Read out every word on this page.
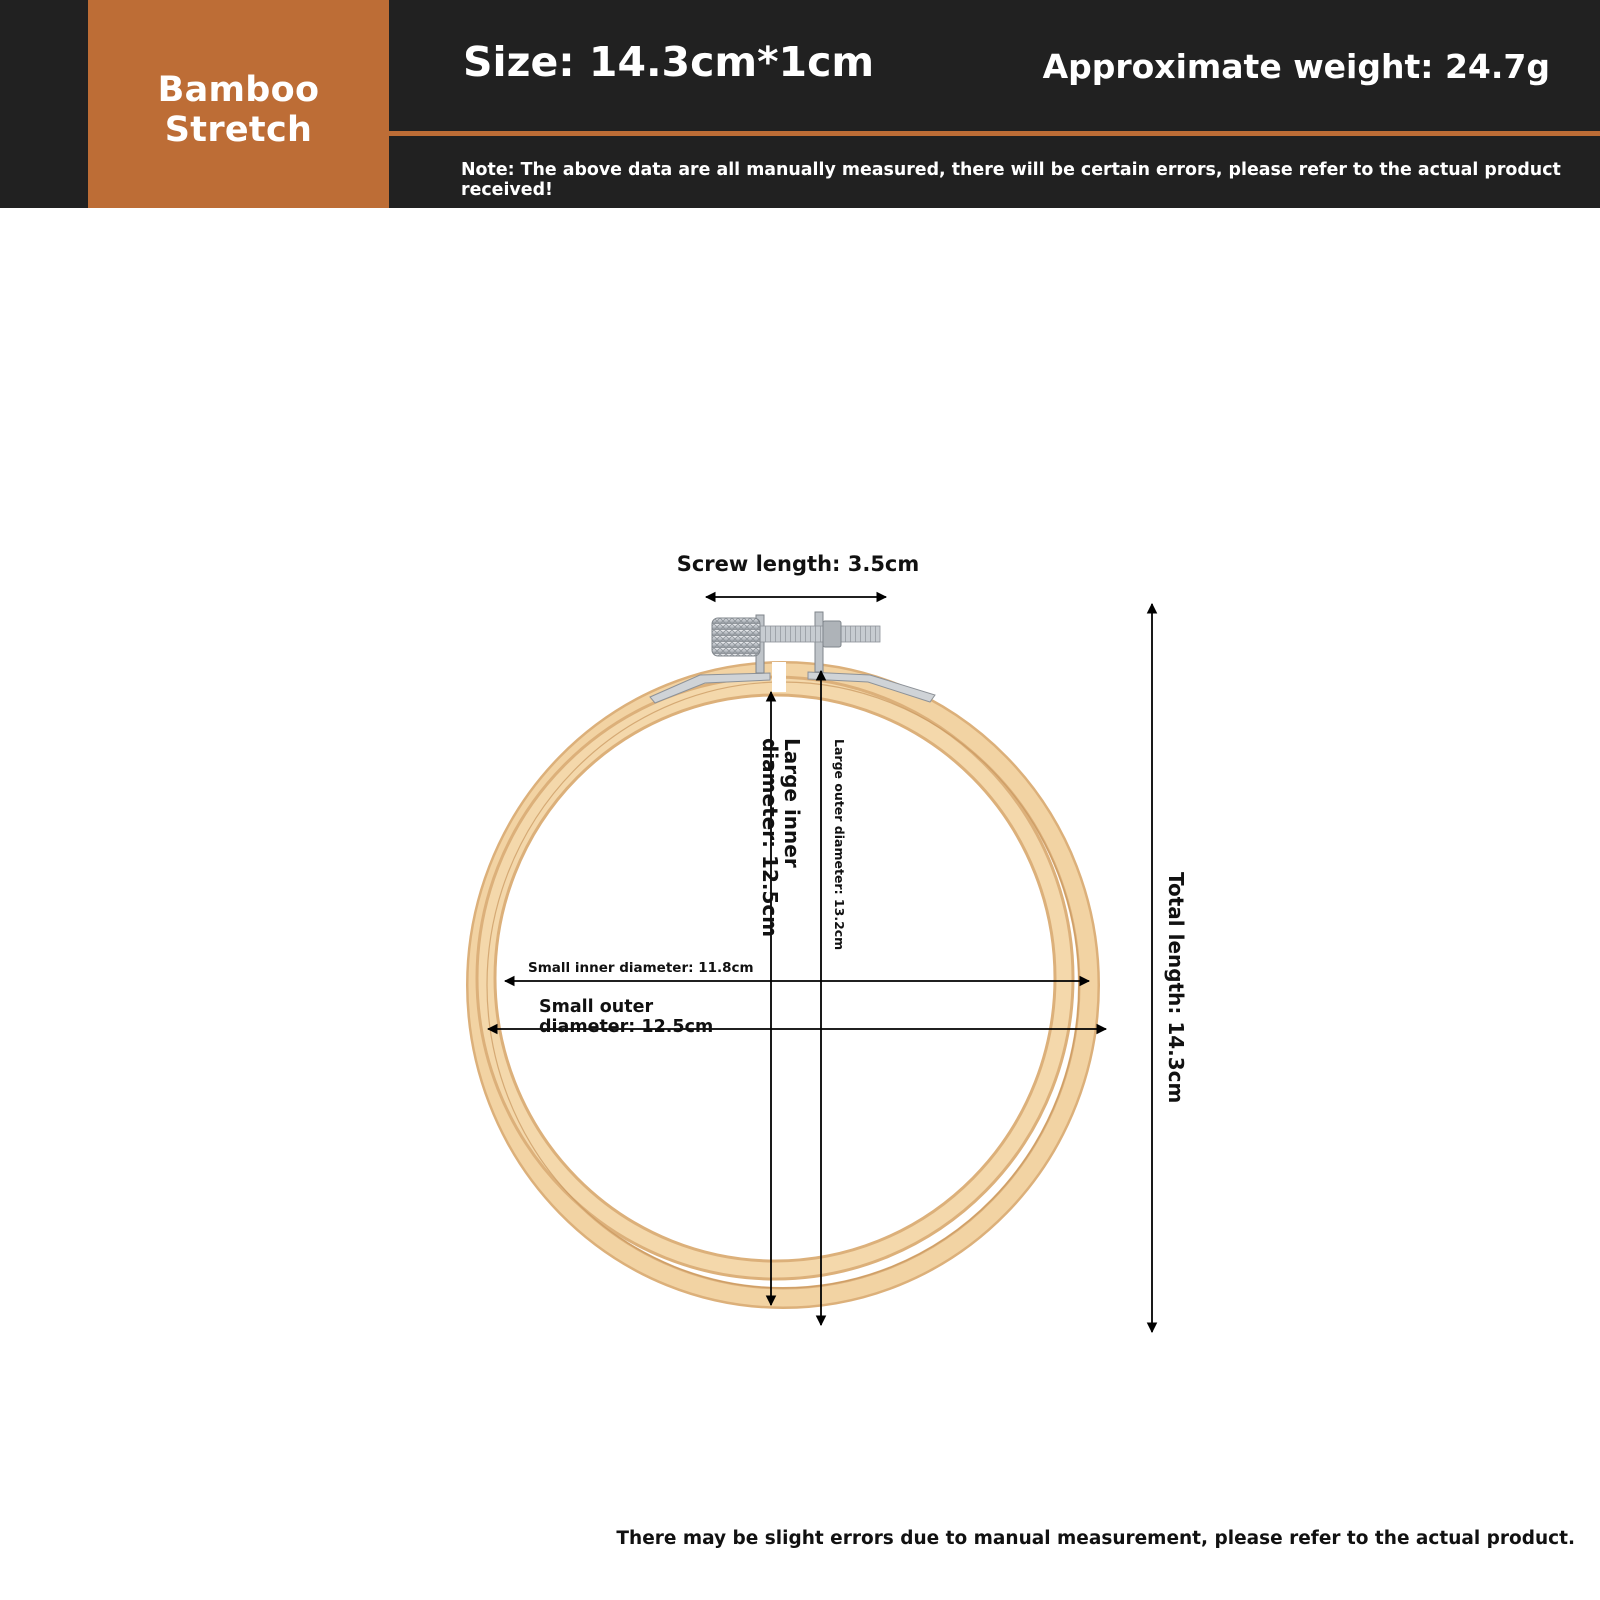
Bamboo Stretch
Size: 14.3cm*1cm	Approximate weight: 24.7g
Note: The above data are all manually measured, there will be certain errors, please refer to the actual product received!
Screw length: 3.5cm
Large inner
diameter: 12.5cm	Large outer diameter: 13.2cm
Small inner diameter: 11.8cm
Small outer
diameter: 12.5cm	Total length: 14.3cm
There may be slight errors due to manual measurement, please refer to the actual product.
